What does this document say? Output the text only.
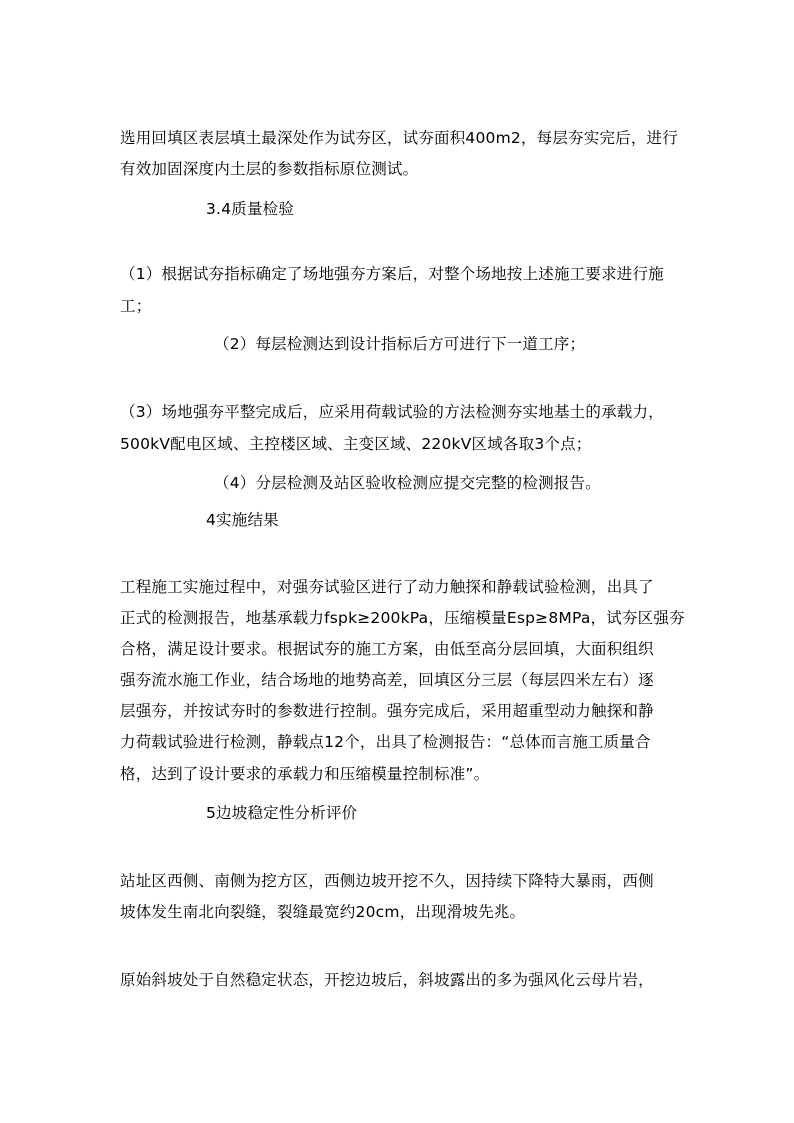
选用回填区表层填土最深处作为试夯区，试夯面积400m2，每层夯实完后，进行
有效加固深度内土层的参数指标原位测试。
3.4质量检验
（1）根据试夯指标确定了场地强夯方案后，对整个场地按上述施工要求进行施
工；
（2）每层检测达到设计指标后方可进行下一道工序；
（3）场地强夯平整完成后，应采用荷载试验的方法检测夯实地基土的承载力，
500kV配电区域、主控楼区域、主变区域、220kV区域各取3个点；
（4）分层检测及站区验收检测应提交完整的检测报告。
4实施结果
工程施工实施过程中，对强夯试验区进行了动力触探和静载试验检测，出具了
正式的检测报告，地基承载力fspk≥200kPa，压缩模量Esp≥8MPa，试夯区强夯
合格，满足设计要求。根据试夯的施工方案，由低至高分层回填，大面积组织
强夯流水施工作业，结合场地的地势高差，回填区分三层（每层四米左右）逐
层强夯，并按试夯时的参数进行控制。强夯完成后，采用超重型动力触探和静
力荷载试验进行检测，静载点12个，出具了检测报告：“总体而言施工质量合
格，达到了设计要求的承载力和压缩模量控制标准”。
5边坡稳定性分析评价
站址区西侧、南侧为挖方区，西侧边坡开挖不久，因持续下降特大暴雨，西侧
坡体发生南北向裂缝，裂缝最宽约20cm，出现滑坡先兆。
原始斜坡处于自然稳定状态，开挖边坡后，斜坡露出的多为强风化云母片岩，
